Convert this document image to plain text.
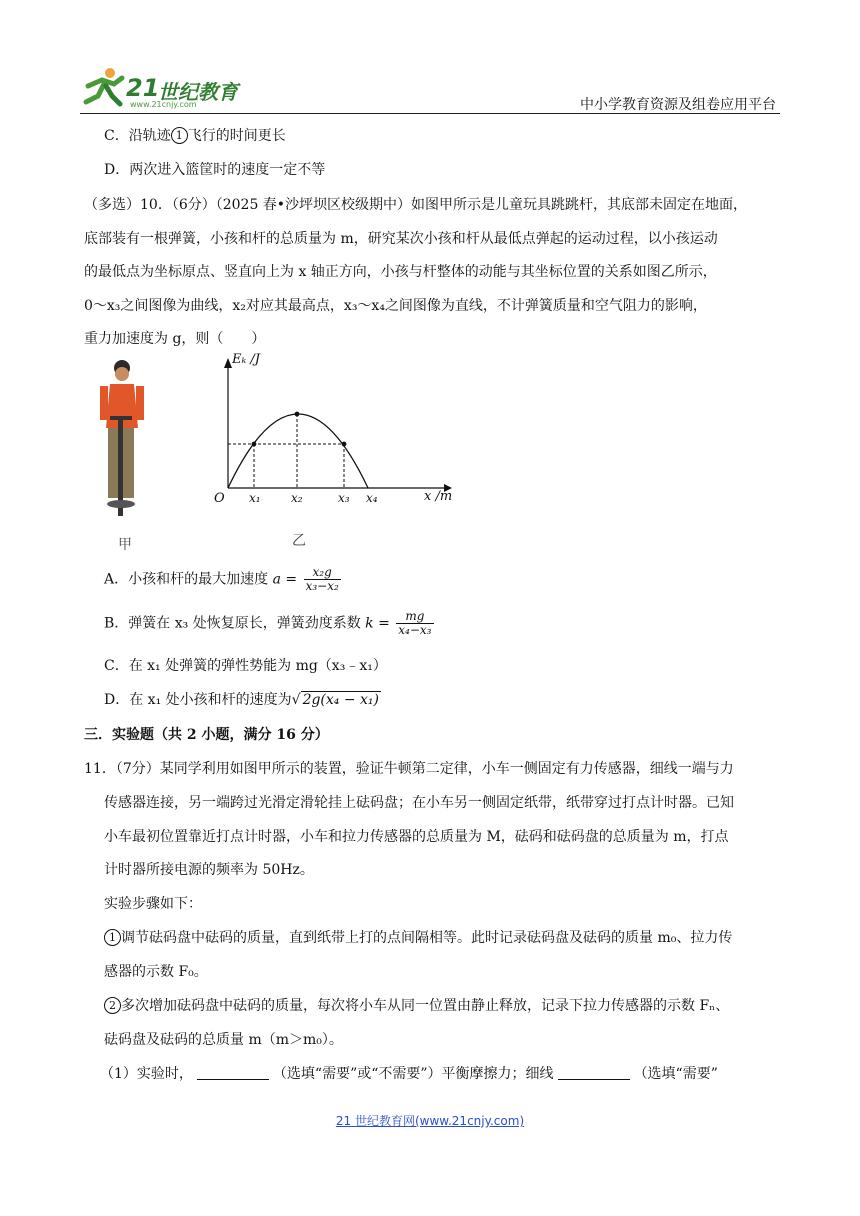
21
世纪教育
www.21cnjy.com	中小学教育资源及组卷应用平台
C．沿轨迹 1 飞行的时间更长
D．两次进入篮筐时的速度一定不等
（多选）10．（6分）（2025 春•沙坪坝区校级期中）如图甲所示是儿童玩具跳跳杆，其底部未固定在地面，
底部装有一根弹簧，小孩和杆的总质量为 m，研究某次小孩和杆从最低点弹起的运动过程，以小孩运动
的最低点为坐标原点、竖直向上为 x 轴正方向，小孩与杆整体的动能与其坐标位置的关系如图乙所示，
0～x₃之间图像为曲线，x₂对应其最高点，x₃～x₄之间图像为直线，不计弹簧质量和空气阻力的影响，
重力加速度为 g，则（　　）
甲
Eₖ /J
x /m
O x₁	x₂	x₃ x₄
乙
A．小孩和杆的最大加速度 $a = \frac{\text{x₂g}}{\text{x₃−x₂}}$
B．弹簧在 x₃ 处恢复原长，弹簧劲度系数 $k = \frac{mg}{\text{x₄−x₃}}$
C．在 x₁ 处弹簧的弹性势能为 mg（x₃﹣x₁）
D．在 x₁ 处小孩和杆的速度为√ 2g(x₄ − x₁)
三．实验题（共 2 小题，满分 16 分）
11．（7分）某同学利用如图甲所示的装置，验证牛顿第二定律，小车一侧固定有力传感器，细线一端与力
传感器连接，另一端跨过光滑定滑轮挂上砝码盘；在小车另一侧固定纸带，纸带穿过打点计时器。已知
小车最初位置靠近打点计时器，小车和拉力传感器的总质量为 M，砝码和砝码盘的总质量为 m，打点
计时器所接电源的频率为 50Hz。
实验步骤如下：
1 调节砝码盘中砝码的质量，直到纸带上打的点间隔相等。此时记录砝码盘及砝码的质量 m₀、拉力传
感器的示数 F₀。
2 多次增加砝码盘中砝码的质量，每次将小车从同一位置由静止释放，记录下拉力传感器的示数 Fₙ、
砝码盘及砝码的总质量 m（m＞m₀）。
（1）实验时，	（选填“需要”或“不需要”）平衡摩擦力；细线	（选填“需要”
21 世纪教育网(www.21cnjy.com)
